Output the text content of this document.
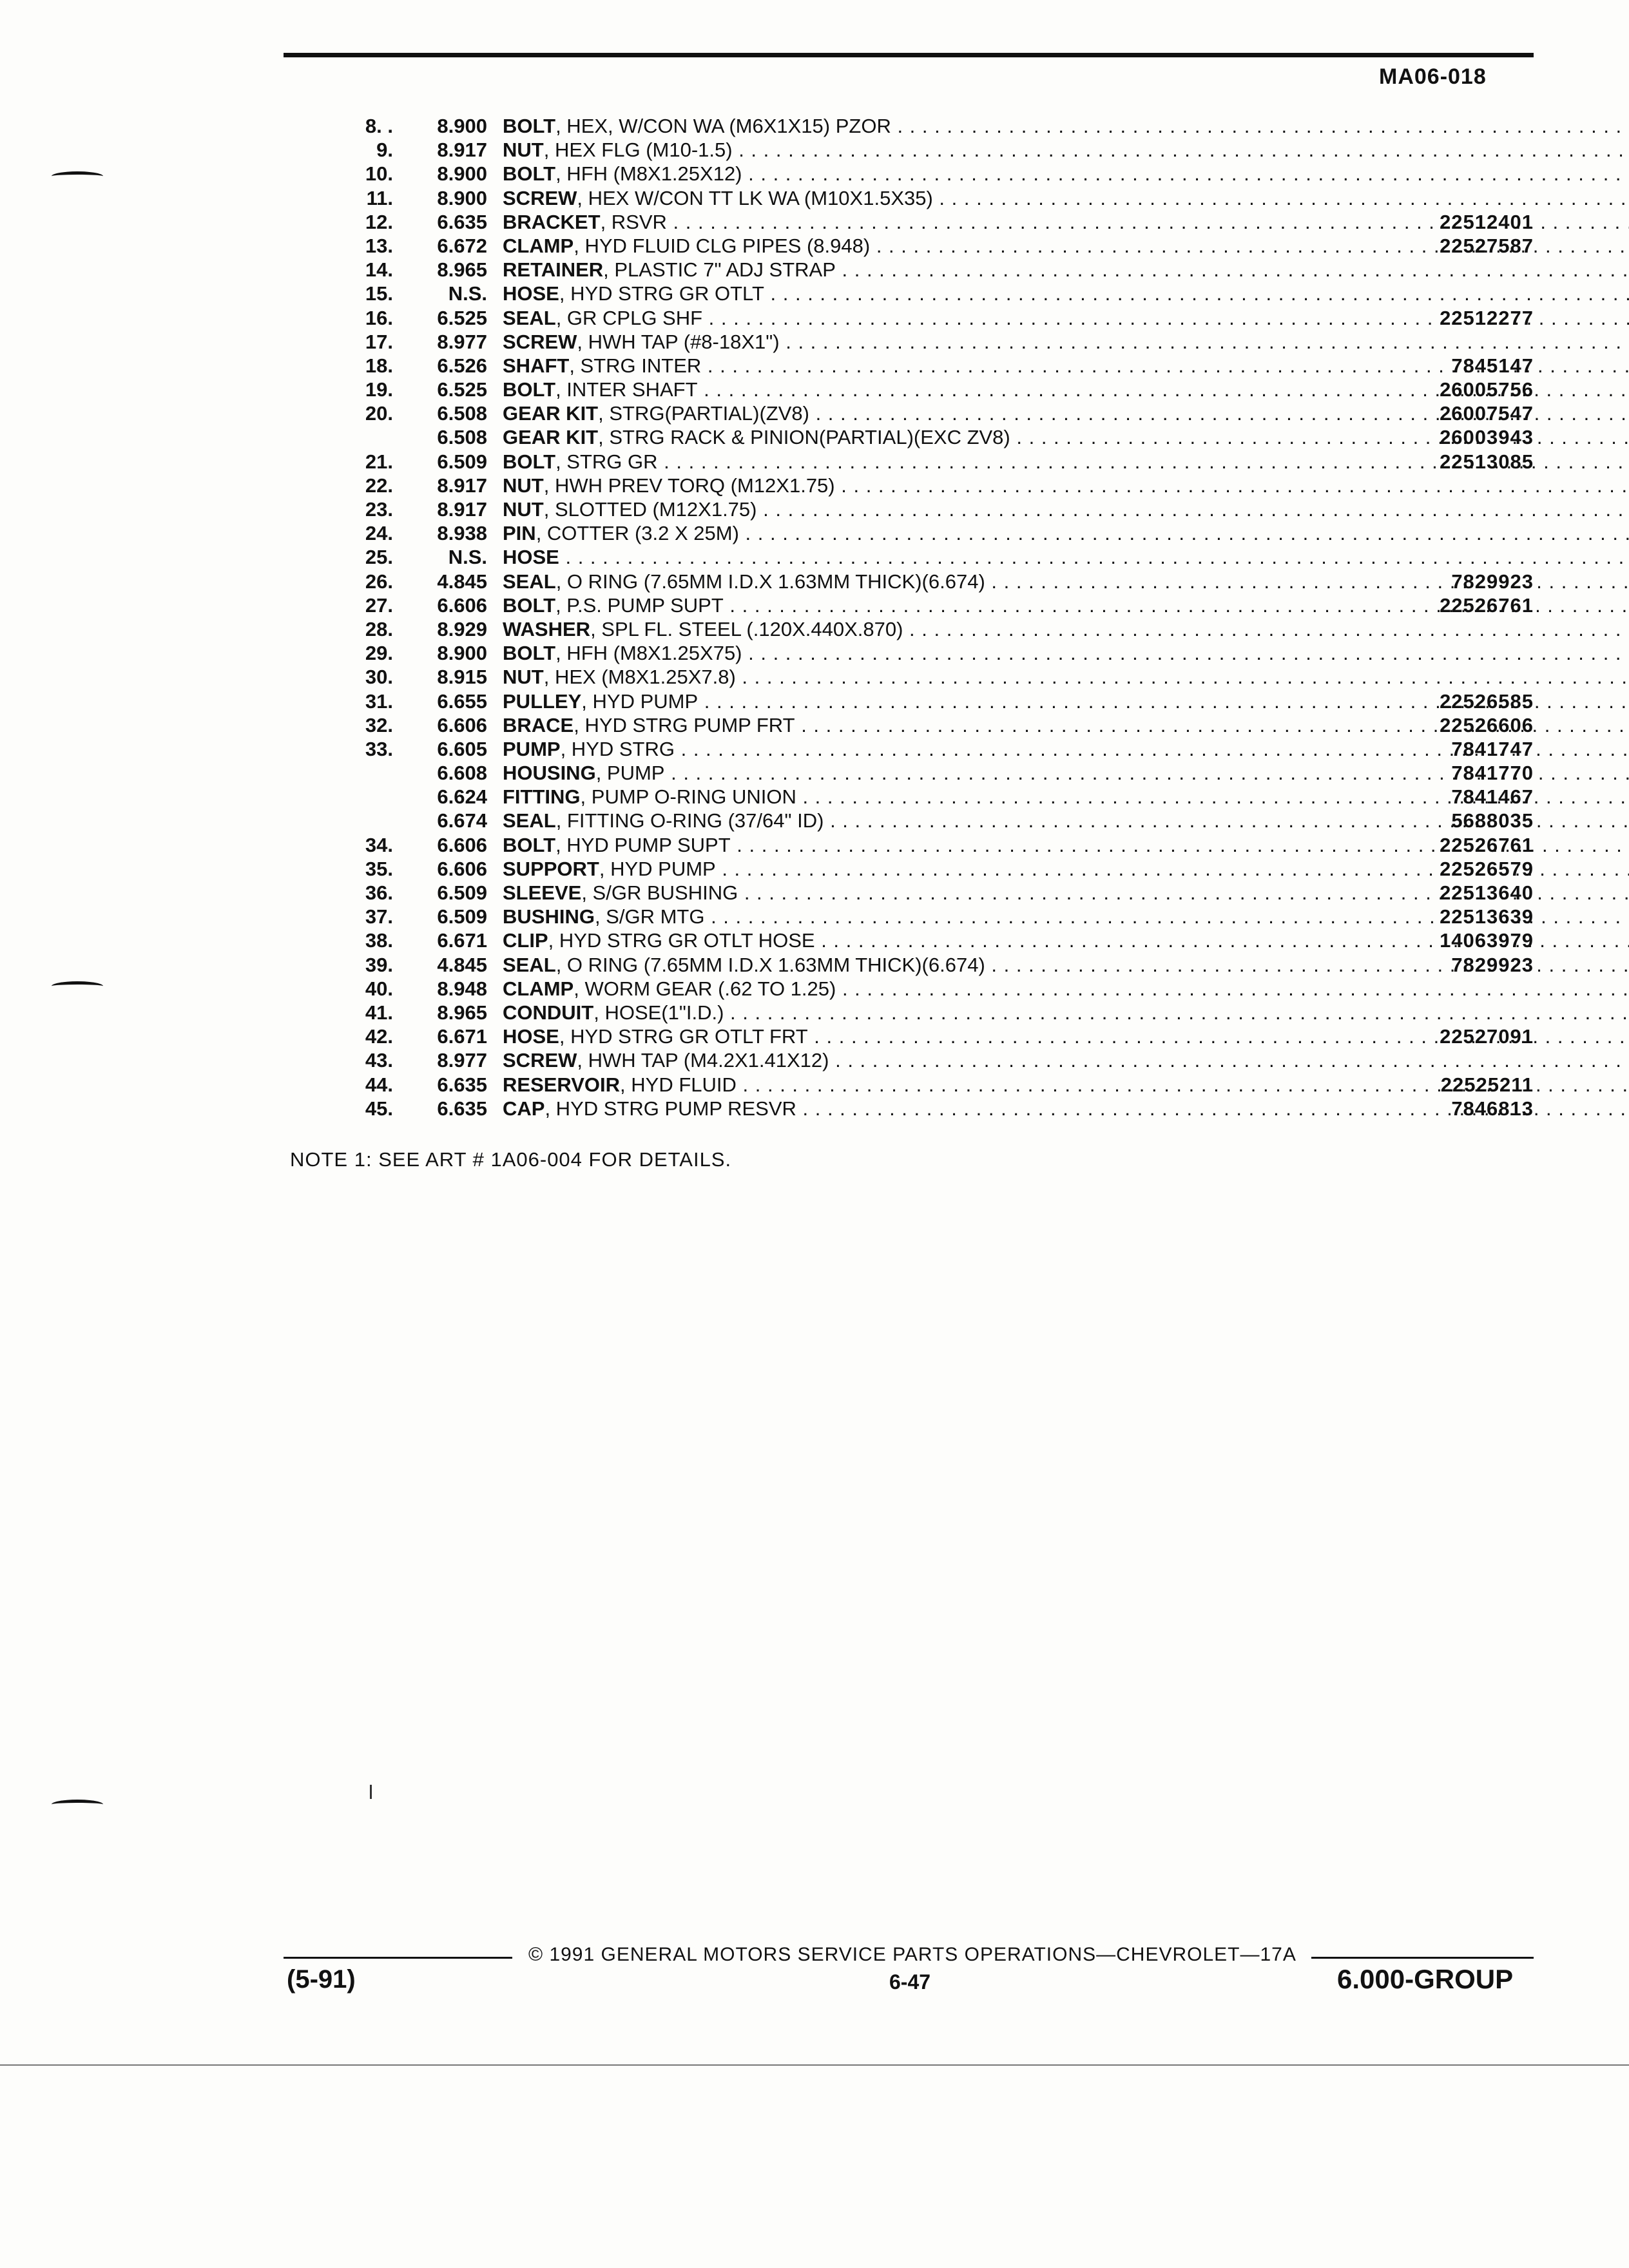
MA06-018
8. .	8.900 BOLT, HEX, W/CON WA (M6X1X15) PZOR . . .
9.	8.917 NUT, HEX FLG (M10-1.5) . . .
10.	8.900 BOLT, HFH (M8X1.25X12) . . .
11.	8.900 SCREW, HEX W/CON TT LK WA (M10X1.5X35) . . .
12.	6.635 BRACKET, RSVR . . .	22512401
13.	6.672 CLAMP, HYD FLUID CLG PIPES (8.948) . . .	22527587
14.	8.965 RETAINER, PLASTIC 7" ADJ STRAP . . .
15.	N.S. HOSE, HYD STRG GR OTLT . . .
16.	6.525 SEAL, GR CPLG SHF . . .	22512277
17.	8.977 SCREW, HWH TAP (#8-18X1") . . .
18.	6.526 SHAFT, STRG INTER . . .	7845147
19.	6.525 BOLT, INTER SHAFT . . .	26005756
20.	6.508 GEAR KIT, STRG(PARTIAL)(ZV8) . . .	26007547
6.508 GEAR KIT, STRG RACK & PINION(PARTIAL)(EXC ZV8) . . .	26003943
21.	6.509 BOLT, STRG GR . . .	22513085
22.	8.917 NUT, HWH PREV TORQ (M12X1.75) . . .
23.	8.917 NUT, SLOTTED (M12X1.75) . . .
24.	8.938 PIN, COTTER (3.2 X 25M) . . .
25.	N.S. HOSE . . .
26.	4.845 SEAL, O RING (7.65MM I.D.X 1.63MM THICK)(6.674) . . .	7829923
27.	6.606 BOLT, P.S. PUMP SUPT . . .	22526761
28.	8.929 WASHER, SPL FL. STEEL (.120X.440X.870) . . .
29.	8.900 BOLT, HFH (M8X1.25X75) . . .
30.	8.915 NUT, HEX (M8X1.25X7.8) . . .
31.	6.655 PULLEY, HYD PUMP . . .	22526585
32.	6.606 BRACE, HYD STRG PUMP FRT . . .	22526606
33.	6.605 PUMP, HYD STRG . . .	7841747
6.608 HOUSING, PUMP . . .	7841770
6.624 FITTING, PUMP O-RING UNION . . .	7841467
6.674 SEAL, FITTING O-RING (37/64" ID) . . .	5688035
34.	6.606 BOLT, HYD PUMP SUPT . . .	22526761
35.	6.606 SUPPORT, HYD PUMP . . .	22526579
36.	6.509 SLEEVE, S/GR BUSHING . . .	22513640
37.	6.509 BUSHING, S/GR MTG . . .	22513639
38.	6.671 CLIP, HYD STRG GR OTLT HOSE . . .	14063979
39.	4.845 SEAL, O RING (7.65MM I.D.X 1.63MM THICK)(6.674) . . .	7829923
40.	8.948 CLAMP, WORM GEAR (.62 TO 1.25) . . .
41.	8.965 CONDUIT, HOSE(1"I.D.) . . .
42.	6.671 HOSE, HYD STRG GR OTLT FRT . . .	22527091
43.	8.977 SCREW, HWH TAP (M4.2X1.41X12) . . .
44.	6.635 RESERVOIR, HYD FLUID . . .	22525211
45.	6.635 CAP, HYD STRG PUMP RESVR . . .	7846813
NOTE 1: SEE ART # 1A06-004 FOR DETAILS.
© 1991 GENERAL MOTORS SERVICE PARTS OPERATIONS—CHEVROLET—17A
(5-91)	6-47	6.000-GROUP
